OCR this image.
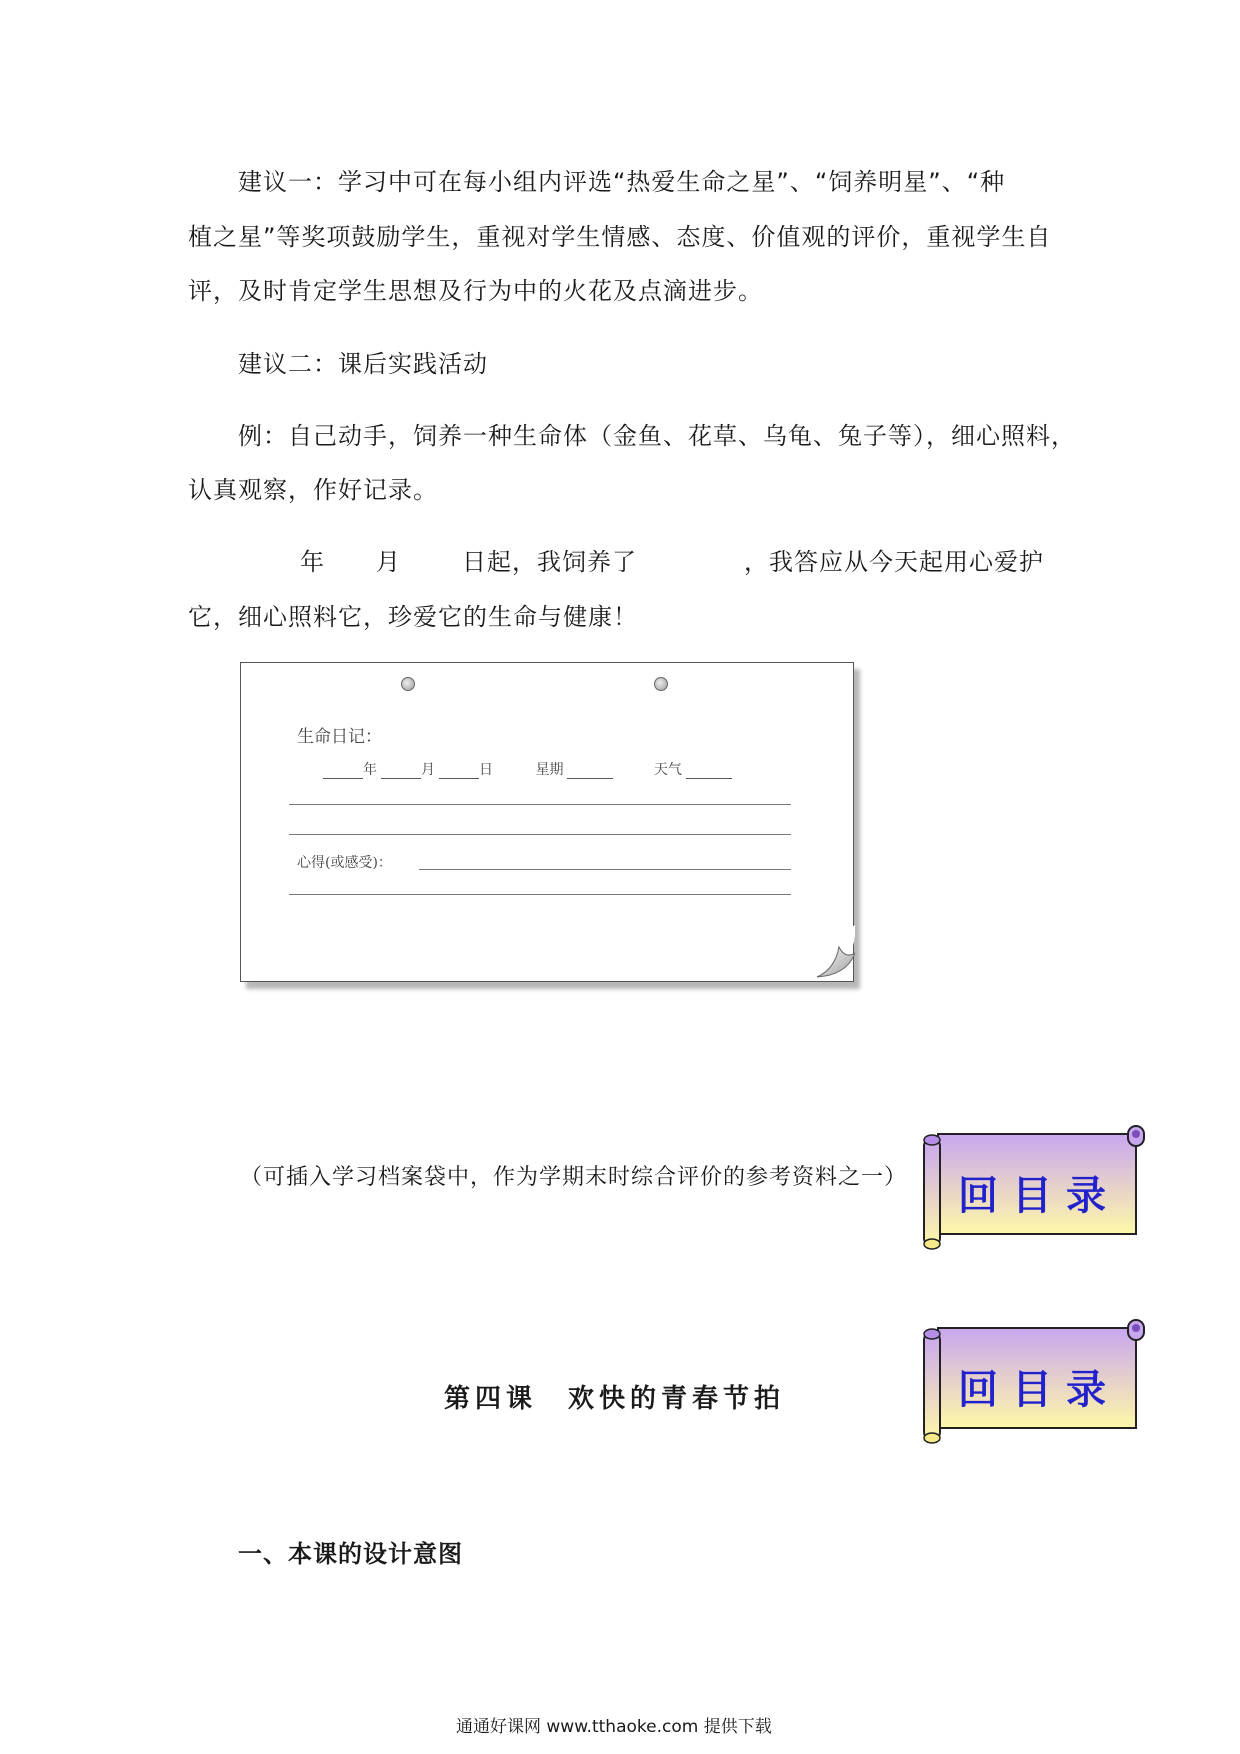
建议一：学习中可在每小组内评选“热爱生命之星”、“饲养明星”、“种
植之星”等奖项鼓励学生，重视对学生情感、态度、价值观的评价，重视学生自
评，及时肯定学生思想及行为中的火花及点滴进步。
建议二：课后实践活动
例：自己动手，饲养一种生命体（金鱼、花草、乌龟、兔子等），细心照料，
认真观察，作好记录。
年 月	日起，我饲养了	，我答应从今天起用心爱护
它，细心照料它，珍爱它的生命与健康！
生命日记：
年	月	日	星期	天气
心得(或感受)：
（可插入学习档案袋中，作为学期末时综合评价的参考资料之一） 回目录
第四课　欢快的青春节拍	回目录
一、本课的设计意图
通通好课网 www.tthaoke.com 提供下载
